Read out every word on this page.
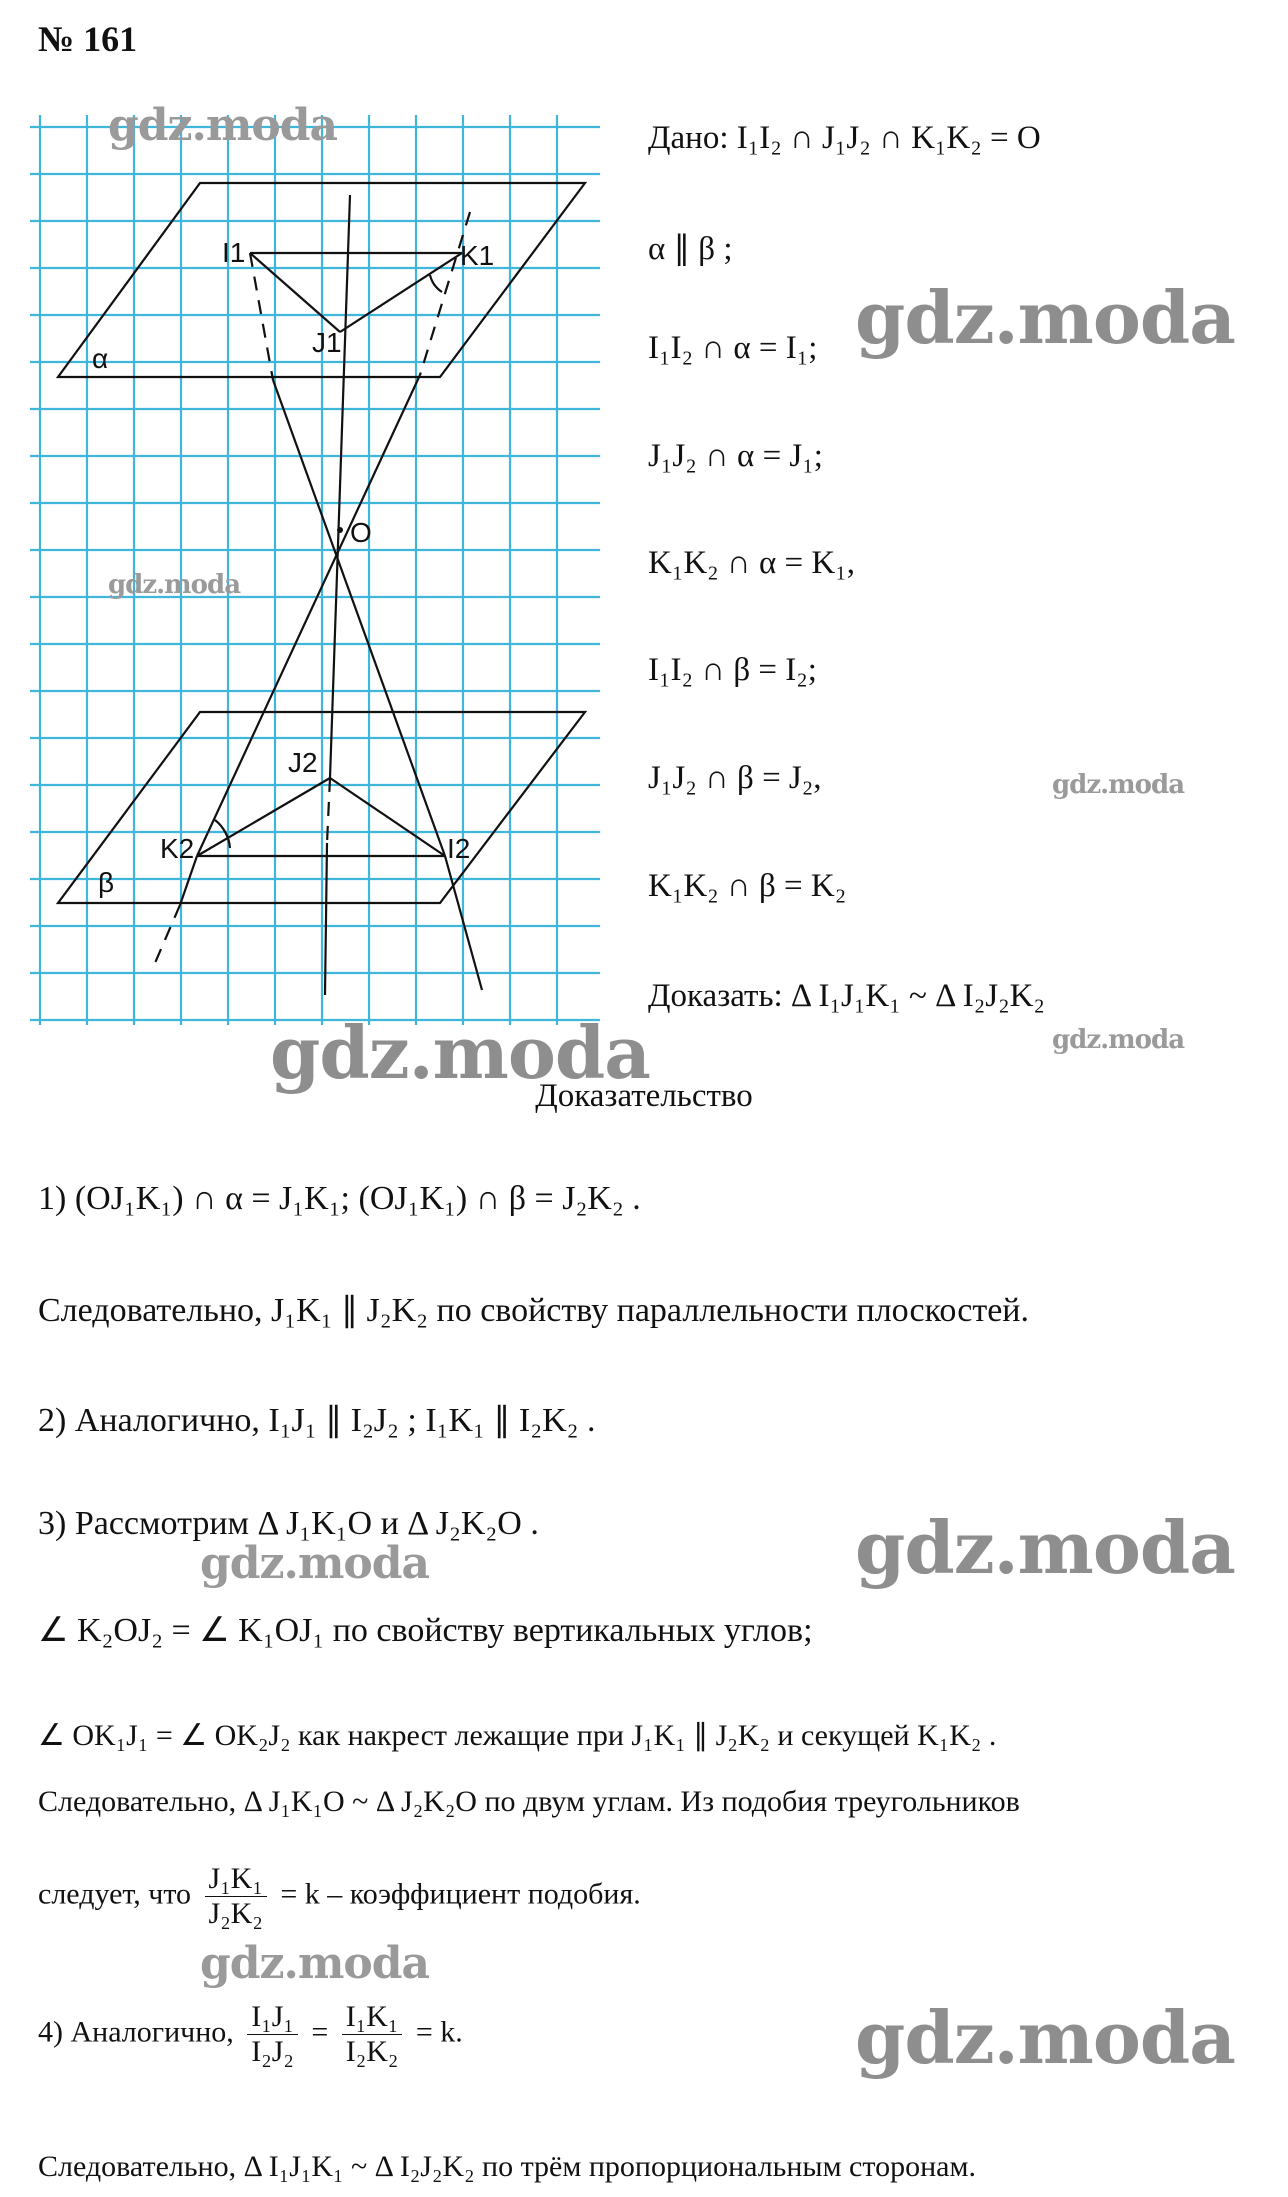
№ 161
I1	K1
J1
O
J2
K2	I2
α
β
gdz.moda
gdz.moda
gdz.moda
gdz.moda
gdz.moda
gdz.moda
gdz.moda
gdz.moda
gdz.moda
gdz.moda
Дано: I₁I₂ ∩ J₁J₂ ∩ K₁K₂ = O
α ∥ β ;
I₁I₂ ∩ α = I₁;
J₁J₂ ∩ α = J₁;
K₁K₂ ∩ α = K₁,
I₁I₂ ∩ β = I₂;
J₁J₂ ∩ β = J₂,
K₁K₂ ∩ β = K₂
Доказать: Δ I₁J₁K₁ ~ Δ I₂J₂K₂
Доказательство
1) (OJ₁K₁) ∩ α = J₁K₁; (OJ₁K₁) ∩ β = J₂K₂ .
Следовательно, J₁K₁ ∥ J₂K₂ по свойству параллельности плоскостей.
2) Аналогично, I₁J₁ ∥ I₂J₂ ; I₁K₁ ∥ I₂K₂ .
3) Рассмотрим Δ J₁K₁O и Δ J₂K₂O .
∠ K₂OJ₂ = ∠ K₁OJ₁ по свойству вертикальных углов;
∠ OK₁J₁ = ∠ OK₂J₂ как накрест лежащие при J₁K₁ ∥ J₂K₂ и секущей K₁K₂ .
Следовательно, Δ J₁K₁O ~ Δ J₂K₂O по двум углам. Из подобия треугольников
следует, что $\frac{\text{J₁K₁}}{\text{J₂K₂}} = k$ – коэффициент подобия.
4) Аналогично, $\frac{\text{I₁J₁}}{\text{I₂J₂}} = \frac{\text{I₁K₁}}{\text{I₂K₂}} = k$.
Следовательно, Δ I₁J₁K₁ ~ Δ I₂J₂K₂ по трём пропорциональным сторонам.
